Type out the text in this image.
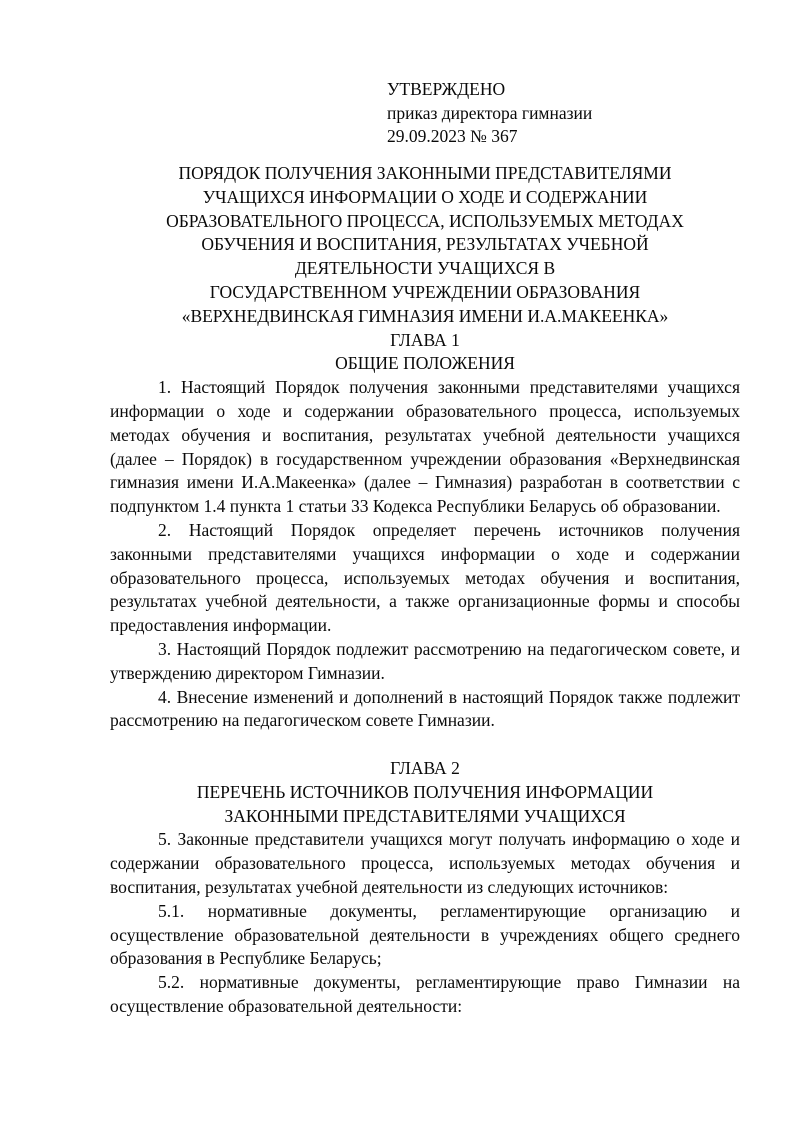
УТВЕРЖДЕНО
приказ директора гимназии
29.09.2023 № 367
ПОРЯДОК ПОЛУЧЕНИЯ ЗАКОННЫМИ ПРЕДСТАВИТЕЛЯМИ
УЧАЩИХСЯ ИНФОРМАЦИИ О ХОДЕ И СОДЕРЖАНИИ
ОБРАЗОВАТЕЛЬНОГО ПРОЦЕССА, ИСПОЛЬЗУЕМЫХ МЕТОДАХ
ОБУЧЕНИЯ И ВОСПИТАНИЯ, РЕЗУЛЬТАТАХ УЧЕБНОЙ
ДЕЯТЕЛЬНОСТИ УЧАЩИХСЯ В
ГОСУДАРСТВЕННОМ УЧРЕЖДЕНИИ ОБРАЗОВАНИЯ
«ВЕРХНЕДВИНСКАЯ ГИМНАЗИЯ ИМЕНИ И.А.МАКЕЕНКА»
ГЛАВА 1
ОБЩИЕ ПОЛОЖЕНИЯ

1. Настоящий Порядок получения законными представителями учащихся информации о ходе и содержании образовательного процесса, используемых методах обучения и воспитания, результатах учебной деятельности учащихся (далее – Порядок) в государственном учреждении образования «Верхнедвинская гимназия имени И.А.Макеенка» (далее – Гимназия) разработан в соответствии с подпунктом 1.4 пункта 1 статьи 33 Кодекса Республики Беларусь об образовании.

2. Настоящий Порядок определяет перечень источников получения законными представителями учащихся информации о ходе и содержании образовательного процесса, используемых методах обучения и воспитания, результатах учебной деятельности, а также организационные формы и способы предоставления информации.

3. Настоящий Порядок подлежит рассмотрению на педагогическом совете, и утверждению директором Гимназии.

4. Внесение изменений и дополнений в настоящий Порядок также подлежит рассмотрению на педагогическом совете Гимназии.

ГЛАВА 2
ПЕРЕЧЕНЬ ИСТОЧНИКОВ ПОЛУЧЕНИЯ ИНФОРМАЦИИ
ЗАКОННЫМИ ПРЕДСТАВИТЕЛЯМИ УЧАЩИХСЯ

5. Законные представители учащихся могут получать информацию о ходе и содержании образовательного процесса, используемых методах обучения и воспитания, результатах учебной деятельности из следующих источников:

5.1. нормативные документы, регламентирующие организацию и осуществление образовательной деятельности в учреждениях общего среднего образования в Республике Беларусь;

5.2. нормативные документы, регламентирующие право Гимназии на осуществление образовательной деятельности:
